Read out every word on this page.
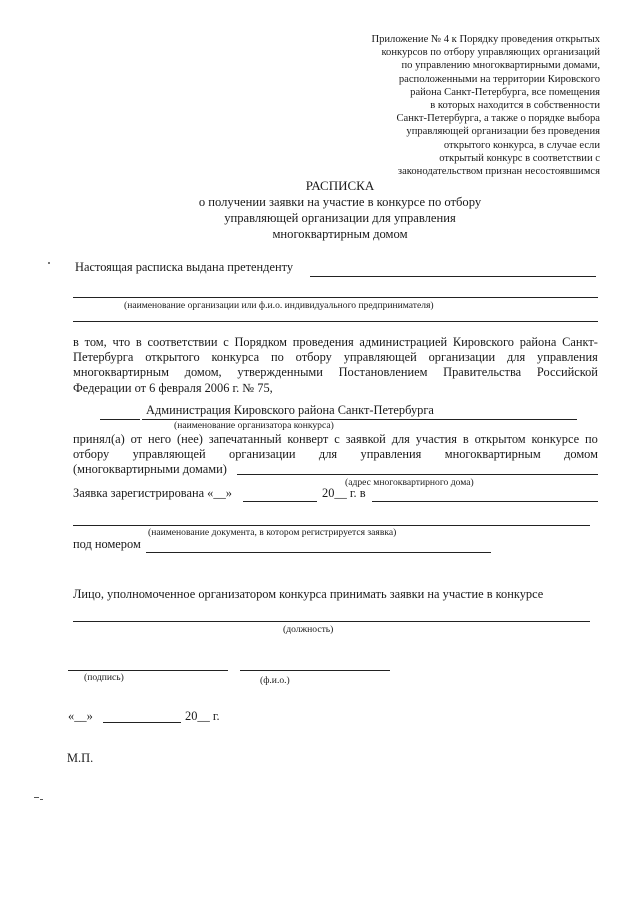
Приложение № 4 к Порядку проведения открытых
конкурсов по отбору управляющих организаций
по управлению многоквартирными домами,
расположенными на территории Кировского
района Санкт-Петербурга, все помещения
в которых находится в собственности
Санкт-Петербурга, а также о порядке выбора
управляющей организации без проведения
открытого конкурса, в случае если
открытый конкурс в соответствии с
законодательством признан несостоявшимся
РАСПИСКА
о получении заявки на участие в конкурсе по отбору
управляющей организации для управления
многоквартирным домом
Настоящая расписка выдана претенденту
(наименование организации или ф.и.о. индивидуального предпринимателя)
в том, что в соответствии с Порядком проведения администрацией Кировского района Санкт-
Петербурга открытого конкурса по отбору управляющей организации для управления
многоквартирным домом, утвержденными Постановлением Правительства Российской
Федерации от 6 февраля 2006 г. № 75,
Администрация Кировского района Санкт-Петербурга
(наименование организатора конкурса)
принял(а) от него (нее) запечатанный конверт с заявкой для участия в открытом конкурсе по
отбору управляющей организации для управления многоквартирным домом
(многоквартирными домами)
(адрес многоквартирного дома)
Заявка зарегистрирована «__»	20__ г. в
(наименование документа, в котором регистрируется заявка)
под номером
Лицо, уполномоченное организатором конкурса принимать заявки на участие в конкурсе
(должность)
(подпись)	(ф.и.о.)
«__»	20__ г.
М.П.
